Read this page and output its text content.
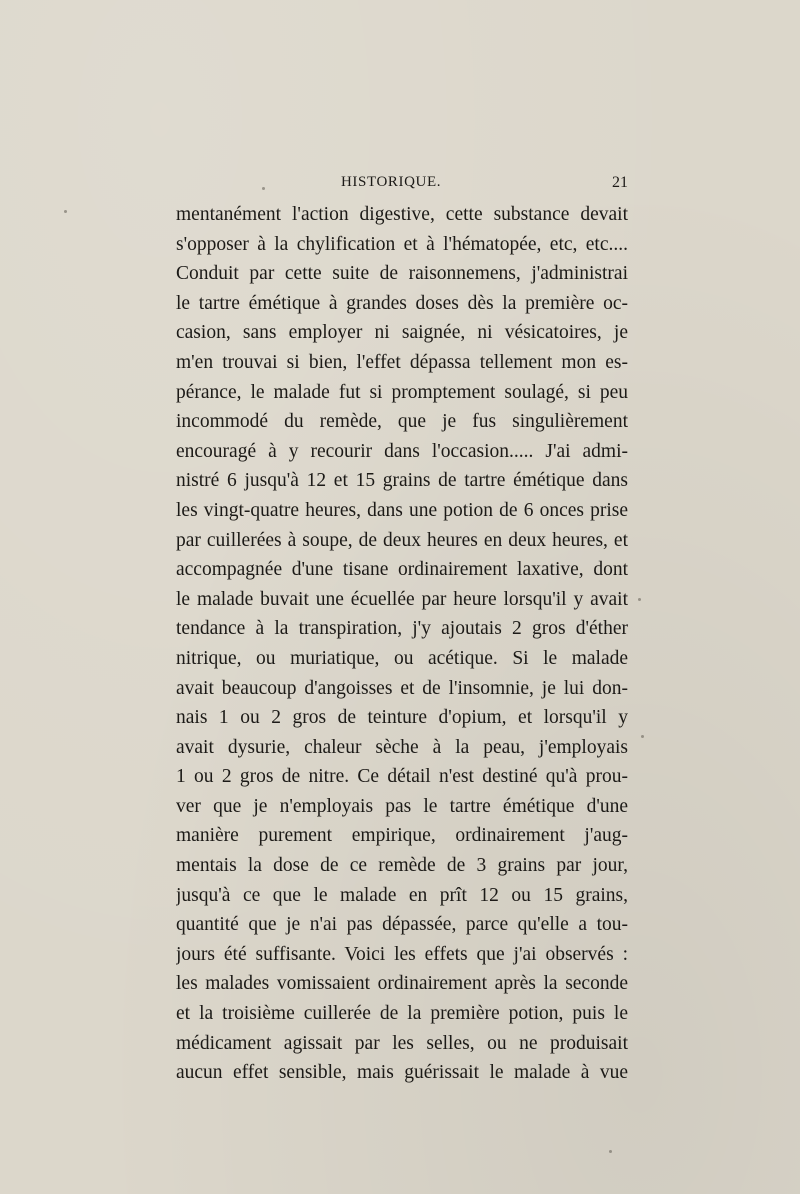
HISTORIQUE.	21
mentanément l'action digestive, cette substance devait
s'opposer à la chylification et à l'hématopée, etc, etc....
Conduit par cette suite de raisonnemens, j'administrai
le tartre émétique à grandes doses dès la première oc-
casion, sans employer ni saignée, ni vésicatoires, je
m'en trouvai si bien, l'effet dépassa tellement mon es-
pérance, le malade fut si promptement soulagé, si peu
incommodé du remède, que je fus singulièrement
encouragé à y recourir dans l'occasion..... J'ai admi-
nistré 6 jusqu'à 12 et 15 grains de tartre émétique dans
les vingt-quatre heures, dans une potion de 6 onces prise
par cuillerées à soupe, de deux heures en deux heures, et
accompagnée d'une tisane ordinairement laxative, dont
le malade buvait une écuellée par heure lorsqu'il y avait
tendance à la transpiration, j'y ajoutais 2 gros d'éther
nitrique, ou muriatique, ou acétique. Si le malade
avait beaucoup d'angoisses et de l'insomnie, je lui don-
nais 1 ou 2 gros de teinture d'opium, et lorsqu'il y
avait dysurie, chaleur sèche à la peau, j'employais
1 ou 2 gros de nitre. Ce détail n'est destiné qu'à prou-
ver que je n'employais pas le tartre émétique d'une
manière purement empirique, ordinairement j'aug-
mentais la dose de ce remède de 3 grains par jour,
jusqu'à ce que le malade en prît 12 ou 15 grains,
quantité que je n'ai pas dépassée, parce qu'elle a tou-
jours été suffisante. Voici les effets que j'ai observés :
les malades vomissaient ordinairement après la seconde
et la troisième cuillerée de la première potion, puis le
médicament agissait par les selles, ou ne produisait
aucun effet sensible, mais guérissait le malade à vue
